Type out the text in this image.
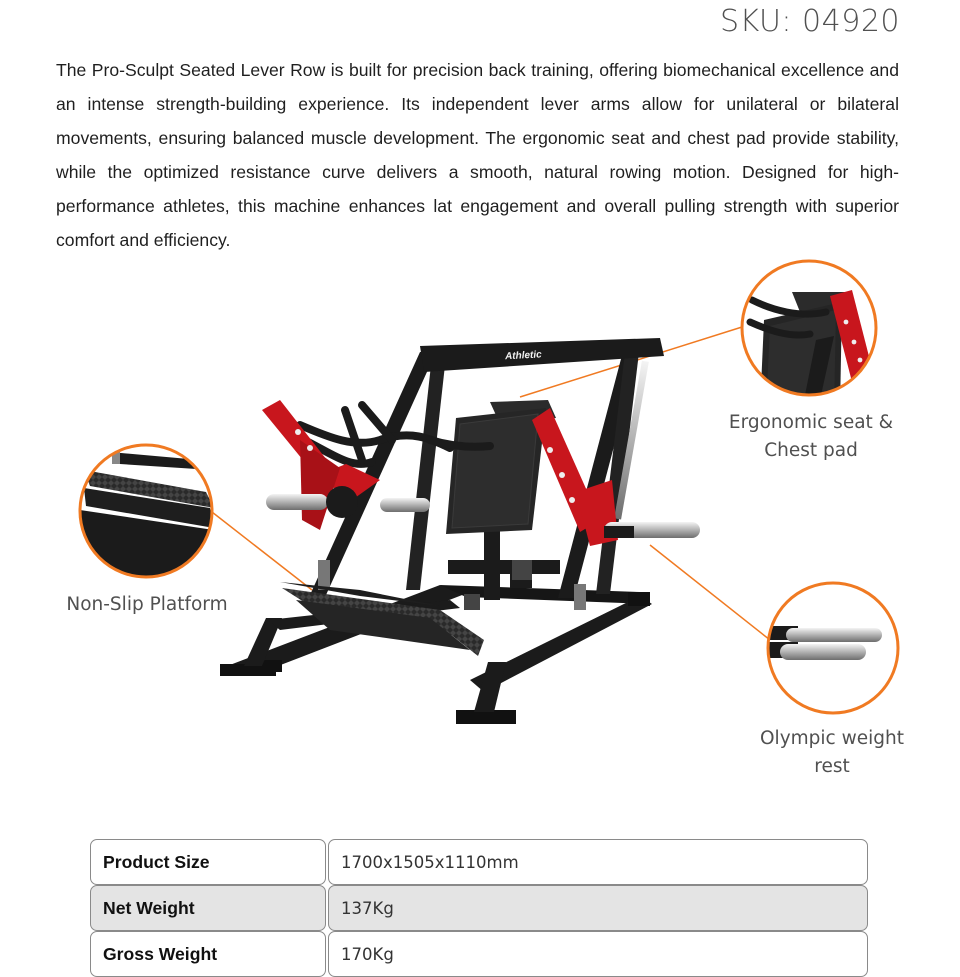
SKU: 04920

The Pro-Sculpt Seated Lever Row is built for precision back training, offering biomechanical excellence and an intense strength-building experience. Its independent lever arms allow for unilateral or bilateral movements, ensuring balanced muscle development. The ergonomic seat and chest pad provide stability, while the optimized resistance curve delivers a smooth, natural rowing motion. Designed for high-performance athletes, this machine enhances lat engagement and overall pulling strength with superior comfort and efficiency.

Athletic
Ergonomic seat &
Chest pad
Non-Slip Platform
Olympic weight rest
Product Size	1700x1505x1110mm
Net Weight	137Kg
Gross Weight	170Kg
